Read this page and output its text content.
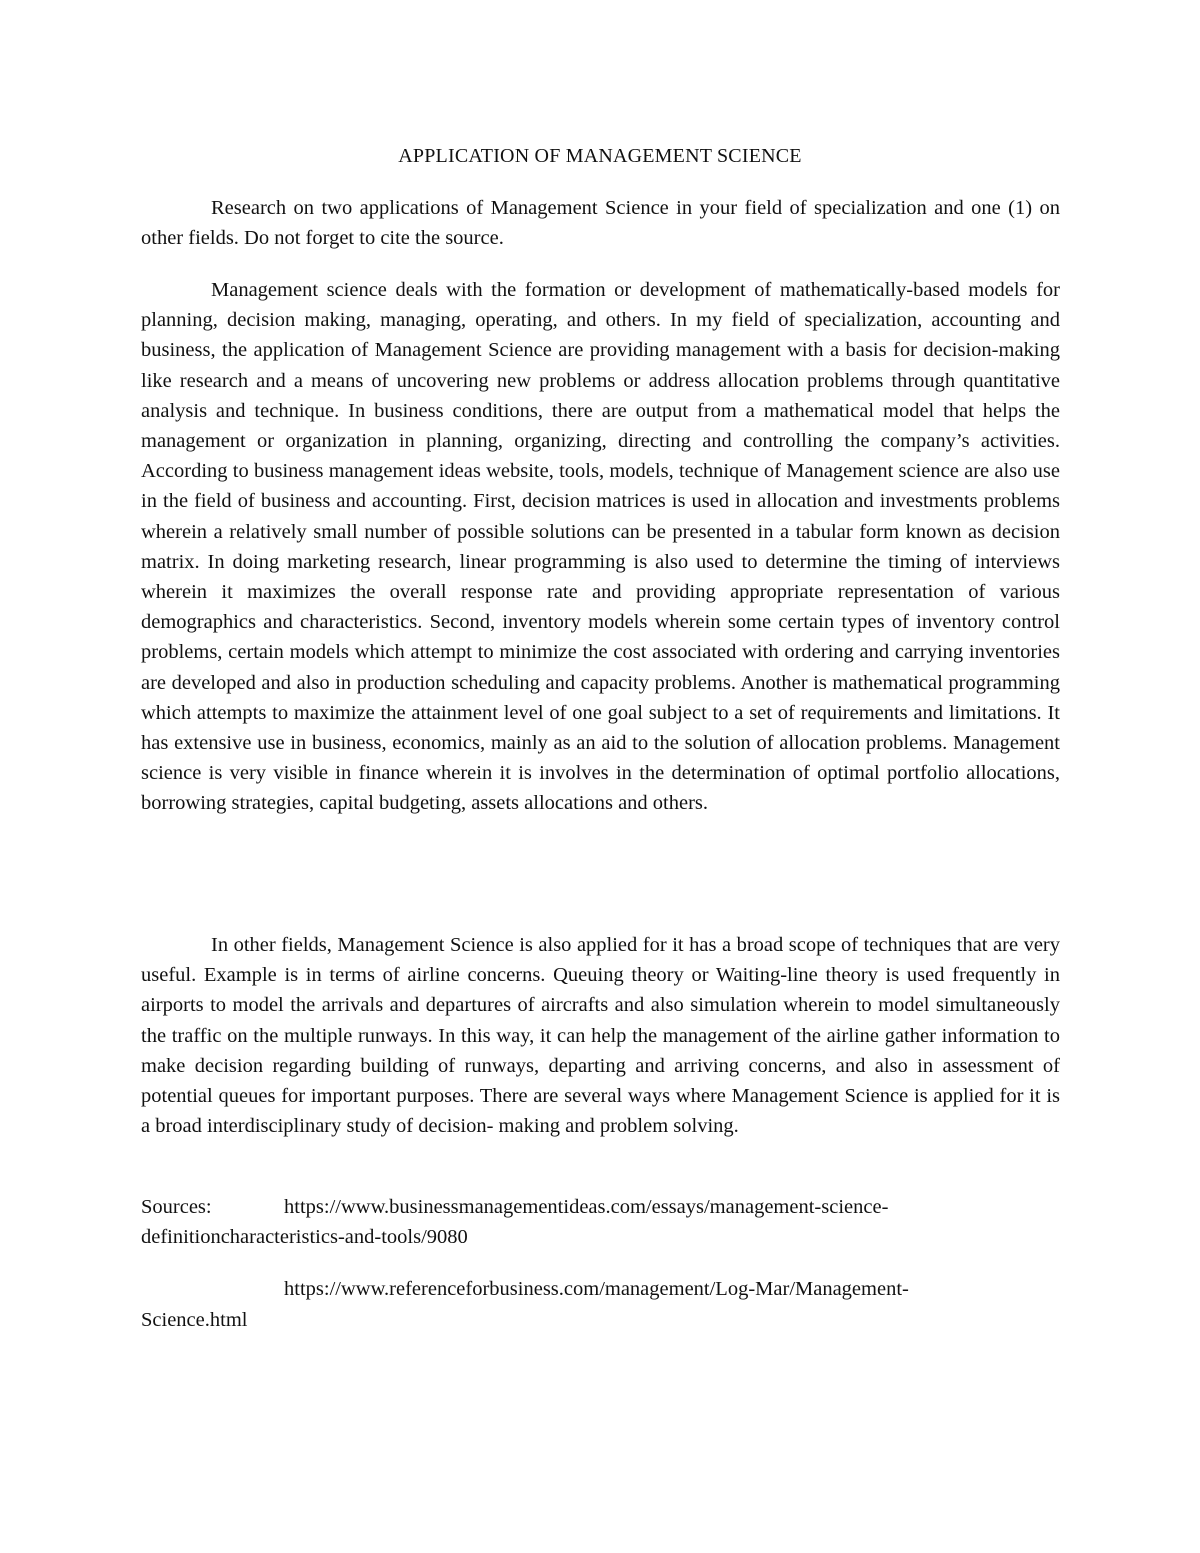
APPLICATION OF MANAGEMENT SCIENCE

Research on two applications of Management Science in your field of specialization and one (1) on other fields. Do not forget to cite the source.

Management science deals with the formation or development of mathematically-based models for planning, decision making, managing, operating, and others. In my field of specialization, accounting and business, the application of Management Science are providing management with a basis for decision-making like research and a means of uncovering new problems or address allocation problems through quantitative analysis and technique. In business conditions, there are output from a mathematical model that helps the management or organization in planning, organizing, directing and controlling the company’s activities. According to business management ideas website, tools, models, technique of Management science are also use in the field of business and accounting. First, decision matrices is used in allocation and investments problems wherein a relatively small number of possible solutions can be presented in a tabular form known as decision matrix. In doing marketing research, linear programming is also used to determine the timing of interviews wherein it maximizes the overall response rate and providing appropriate representation of various demographics and characteristics. Second, inventory models wherein some certain types of inventory control problems, certain models which attempt to minimize the cost associated with ordering and carrying inventories are developed and also in production scheduling and capacity problems. Another is mathematical programming which attempts to maximize the attainment level of one goal subject to a set of requirements and limitations. It has extensive use in business, economics, mainly as an aid to the solution of allocation problems. Management science is very visible in finance wherein it is involves in the determination of optimal portfolio allocations, borrowing strategies, capital budgeting, assets allocations and others.

In other fields, Management Science is also applied for it has a broad scope of techniques that are very useful. Example is in terms of airline concerns. Queuing theory or Waiting-line theory is used frequently in airports to model the arrivals and departures of aircrafts and also simulation wherein to model simultaneously the traffic on the multiple runways. In this way, it can help the management of the airline gather information to make decision regarding building of runways, departing and arriving concerns, and also in assessment of potential queues for important purposes. There are several ways where Management Science is applied for it is a broad interdisciplinary study of decision- making and problem solving.

Sources:	https://www.businessmanagementideas.com/essays/management-science-

definitioncharacteristics-and-tools/9080

https://www.referenceforbusiness.com/management/Log-Mar/Management-

Science.html
